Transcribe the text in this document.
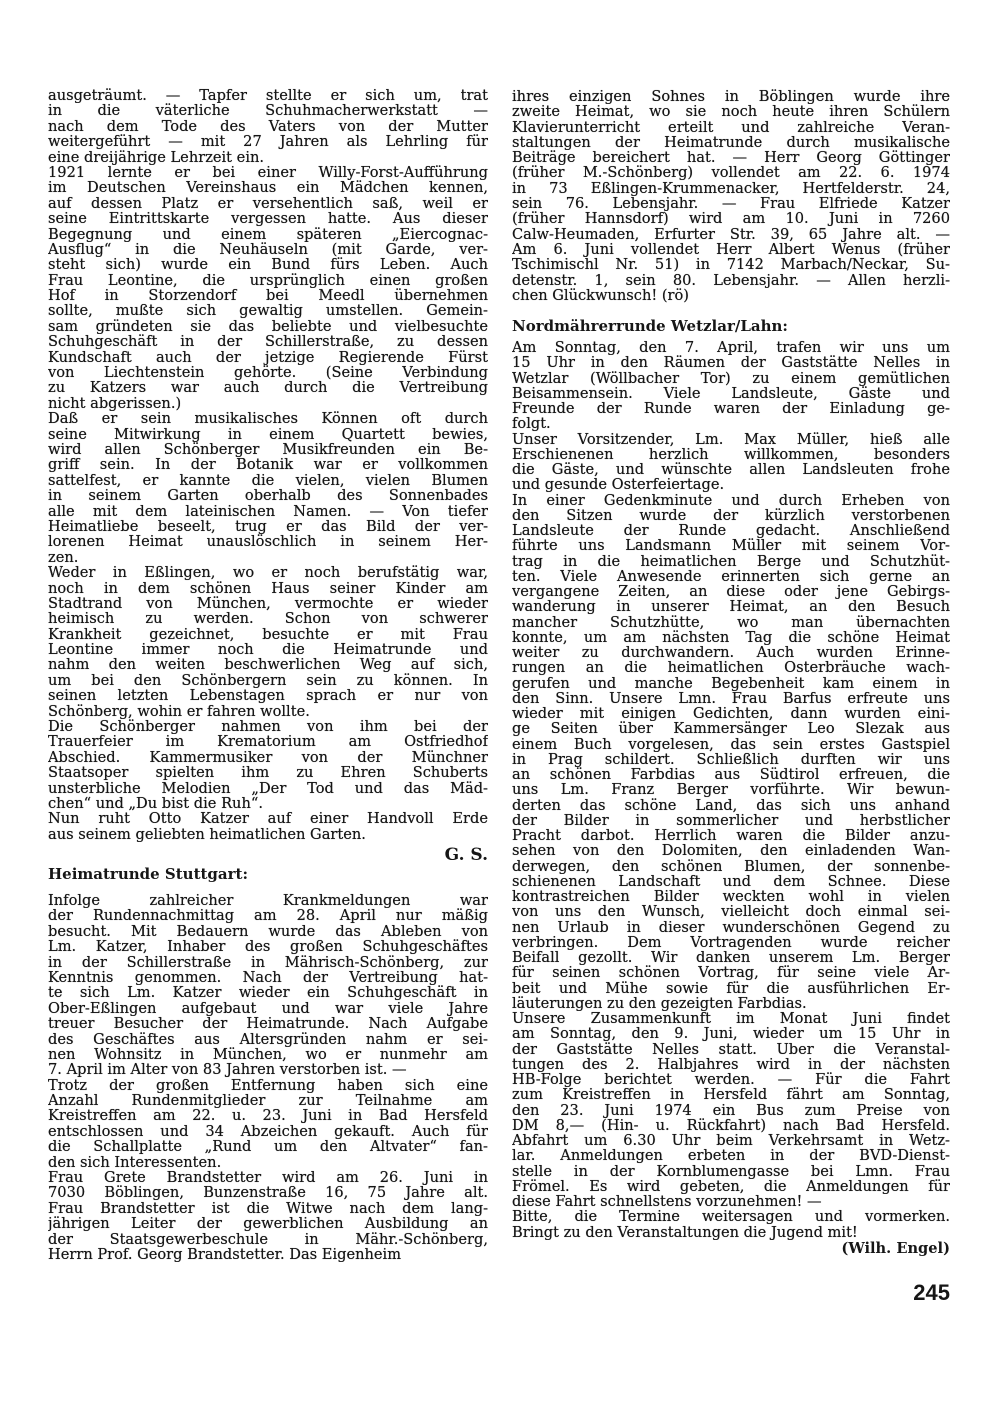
ausgeträumt. — Tapfer stellte er sich um, trat
in die väterliche Schuhmacherwerkstatt —
nach dem Tode des Vaters von der Mutter
weitergeführt — mit 27 Jahren als Lehrling für
eine dreijährige Lehrzeit ein.
1921 lernte er bei einer Willy-Forst-Aufführung
im Deutschen Vereinshaus ein Mädchen kennen,
auf dessen Platz er versehentlich saß, weil er
seine Eintrittskarte vergessen hatte. Aus dieser
Begegnung und einem späteren „Eiercognac-
Ausflug“ in die Neuhäuseln (mit Garde, ver-
steht sich) wurde ein Bund fürs Leben. Auch
Frau Leontine, die ursprünglich einen großen
Hof in Storzendorf bei Meedl übernehmen
sollte, mußte sich gewaltig umstellen. Gemein-
sam gründeten sie das beliebte und vielbesuchte
Schuhgeschäft in der Schillerstraße, zu dessen
Kundschaft auch der jetzige Regierende Fürst
von Liechtenstein gehörte. (Seine Verbindung
zu Katzers war auch durch die Vertreibung
nicht abgerissen.)
Daß er sein musikalisches Können oft durch
seine Mitwirkung in einem Quartett bewies,
wird allen Schönberger Musikfreunden ein Be-
griff sein. In der Botanik war er vollkommen
sattelfest, er kannte die vielen, vielen Blumen
in seinem Garten oberhalb des Sonnenbades
alle mit dem lateinischen Namen. — Von tiefer
Heimatliebe beseelt, trug er das Bild der ver-
lorenen Heimat unauslöschlich in seinem Her-
zen.
Weder in Eßlingen, wo er noch berufstätig war,
noch in dem schönen Haus seiner Kinder am
Stadtrand von München, vermochte er wieder
heimisch zu werden. Schon von schwerer
Krankheit gezeichnet, besuchte er mit Frau
Leontine immer noch die Heimatrunde und
nahm den weiten beschwerlichen Weg auf sich,
um bei den Schönbergern sein zu können. In
seinen letzten Lebenstagen sprach er nur von
Schönberg, wohin er fahren wollte.
Die Schönberger nahmen von ihm bei der
Trauerfeier im Krematorium am Ostfriedhof
Abschied. Kammermusiker von der Münchner
Staatsoper spielten ihm zu Ehren Schuberts
unsterbliche Melodien „Der Tod und das Mäd-
chen“ und „Du bist die Ruh“.
Nun ruht Otto Katzer auf einer Handvoll Erde
aus seinem geliebten heimatlichen Garten.
G. S.
Heimatrunde Stuttgart:
Infolge zahlreicher Krankmeldungen war
der Rundennachmittag am 28. April nur mäßig
besucht. Mit Bedauern wurde das Ableben von
Lm. Katzer, Inhaber des großen Schuhgeschäftes
in der Schillerstraße in Mährisch-Schönberg, zur
Kenntnis genommen. Nach der Vertreibung hat-
te sich Lm. Katzer wieder ein Schuhgeschäft in
Ober-Eßlingen aufgebaut und war viele Jahre
treuer Besucher der Heimatrunde. Nach Aufgabe
des Geschäftes aus Altersgründen nahm er sei-
nen Wohnsitz in München, wo er nunmehr am
7. April im Alter von 83 Jahren verstorben ist. —
Trotz der großen Entfernung haben sich eine
Anzahl Rundenmitglieder zur Teilnahme am
Kreistreffen am 22. u. 23. Juni in Bad Hersfeld
entschlossen und 34 Abzeichen gekauft. Auch für
die Schallplatte „Rund um den Altvater“ fan-
den sich Interessenten.
Frau Grete Brandstetter wird am 26. Juni in
7030 Böblingen, Bunzenstraße 16, 75 Jahre alt.
Frau Brandstetter ist die Witwe nach dem lang-
jährigen Leiter der gewerblichen Ausbildung an
der Staatsgewerbeschule in Mähr.-Schönberg,
Herrn Prof. Georg Brandstetter. Das Eigenheim
ihres einzigen Sohnes in Böblingen wurde ihre
zweite Heimat, wo sie noch heute ihren Schülern
Klavierunterricht erteilt und zahlreiche Veran-
staltungen der Heimatrunde durch musikalische
Beiträge bereichert hat. — Herr Georg Göttinger
(früher M.-Schönberg) vollendet am 22. 6. 1974
in 73 Eßlingen-Krummenacker, Hertfelderstr. 24,
sein 76. Lebensjahr. — Frau Elfriede Katzer
(früher Hannsdorf) wird am 10. Juni in 7260
Calw-Heumaden, Erfurter Str. 39, 65 Jahre alt. —
Am 6. Juni vollendet Herr Albert Wenus (früher
Tschimischl Nr. 51) in 7142 Marbach/Neckar, Su-
detenstr. 1, sein 80. Lebensjahr. — Allen herzli-
chen Glückwunsch! (rö)
Nordmährerrunde Wetzlar/Lahn:
Am Sonntag, den 7. April, trafen wir uns um
15 Uhr in den Räumen der Gaststätte Nelles in
Wetzlar (Wöllbacher Tor) zu einem gemütlichen
Beisammensein. Viele Landsleute, Gäste und
Freunde der Runde waren der Einladung ge-
folgt.
Unser Vorsitzender, Lm. Max Müller, hieß alle
Erschienenen herzlich willkommen, besonders
die Gäste, und wünschte allen Landsleuten frohe
und gesunde Osterfeiertage.
In einer Gedenkminute und durch Erheben von
den Sitzen wurde der kürzlich verstorbenen
Landsleute der Runde gedacht. Anschließend
führte uns Landsmann Müller mit seinem Vor-
trag in die heimatlichen Berge und Schutzhüt-
ten. Viele Anwesende erinnerten sich gerne an
vergangene Zeiten, an diese oder jene Gebirgs-
wanderung in unserer Heimat, an den Besuch
mancher Schutzhütte, wo man übernachten
konnte, um am nächsten Tag die schöne Heimat
weiter zu durchwandern. Auch wurden Erinne-
rungen an die heimatlichen Osterbräuche wach-
gerufen und manche Begebenheit kam einem in
den Sinn. Unsere Lmn. Frau Barfus erfreute uns
wieder mit einigen Gedichten, dann wurden eini-
ge Seiten über Kammersänger Leo Slezak aus
einem Buch vorgelesen, das sein erstes Gastspiel
in Prag schildert. Schließlich durften wir uns
an schönen Farbdias aus Südtirol erfreuen, die
uns Lm. Franz Berger vorführte. Wir bewun-
derten das schöne Land, das sich uns anhand
der Bilder in sommerlicher und herbstlicher
Pracht darbot. Herrlich waren die Bilder anzu-
sehen von den Dolomiten, den einladenden Wan-
derwegen, den schönen Blumen, der sonnenbe-
schienenen Landschaft und dem Schnee. Diese
kontrastreichen Bilder weckten wohl in vielen
von uns den Wunsch, vielleicht doch einmal sei-
nen Urlaub in dieser wunderschönen Gegend zu
verbringen. Dem Vortragenden wurde reicher
Beifall gezollt. Wir danken unserem Lm. Berger
für seinen schönen Vortrag, für seine viele Ar-
beit und Mühe sowie für die ausführlichen Er-
läuterungen zu den gezeigten Farbdias.
Unsere Zusammenkunft im Monat Juni findet
am Sonntag, den 9. Juni, wieder um 15 Uhr in
der Gaststätte Nelles statt. Über die Veranstal-
tungen des 2. Halbjahres wird in der nächsten
HB-Folge berichtet werden. — Für die Fahrt
zum Kreistreffen in Hersfeld fährt am Sonntag,
den 23. Juni 1974 ein Bus zum Preise von
DM 8,— (Hin- u. Rückfahrt) nach Bad Hersfeld.
Abfahrt um 6.30 Uhr beim Verkehrsamt in Wetz-
lar. Anmeldungen erbeten in der BVD-Dienst-
stelle in der Kornblumengasse bei Lmn. Frau
Frömel. Es wird gebeten, die Anmeldungen für
diese Fahrt schnellstens vorzunehmen! —
Bitte, die Termine weitersagen und vormerken.
Bringt zu den Veranstaltungen die Jugend mit!
(Wilh. Engel)
245
